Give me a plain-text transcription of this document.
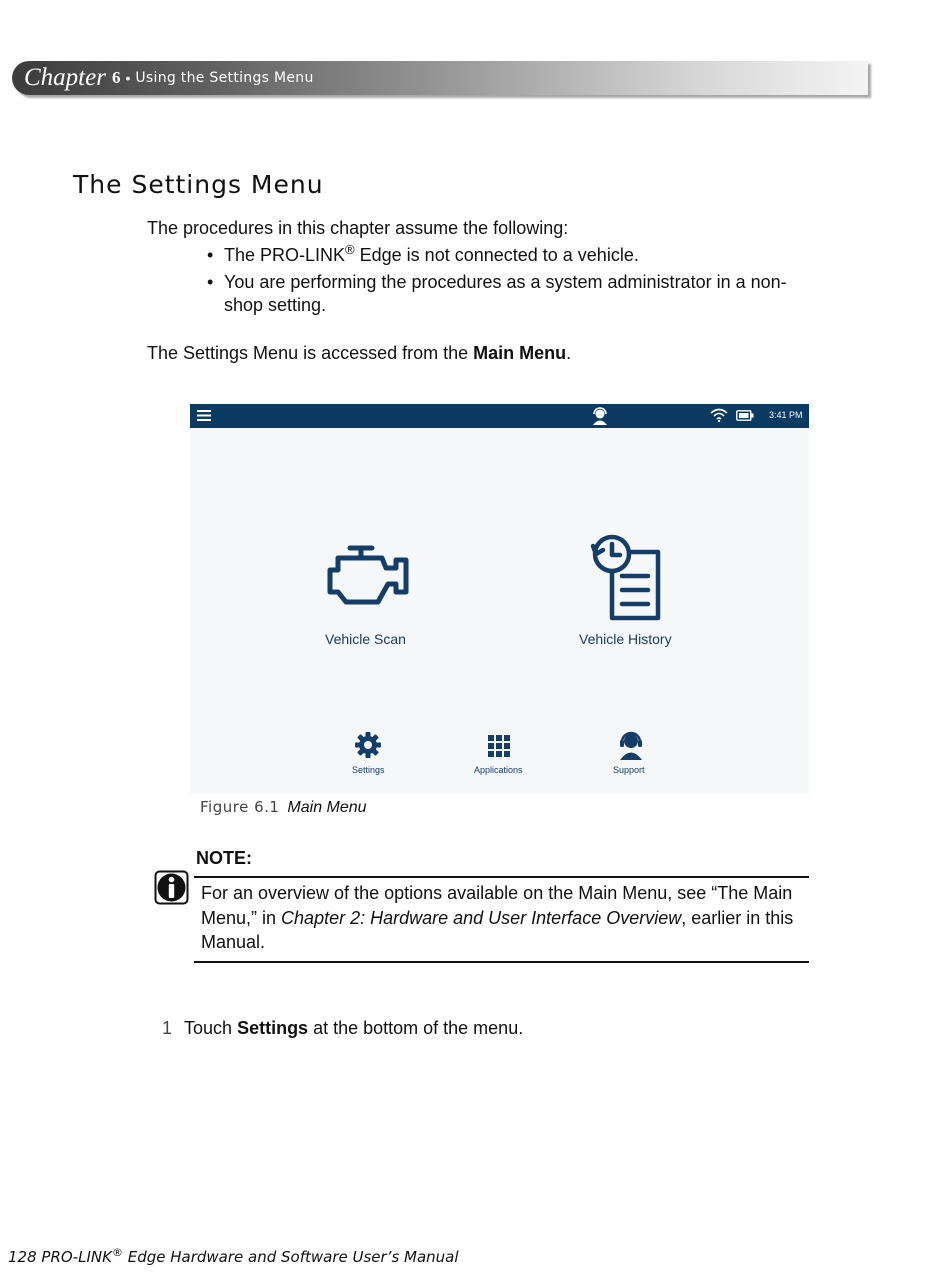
Chapter 6 • Using the Settings Menu
The Settings Menu

The procedures in this chapter assume the following:

• The PRO-LINK® Edge is not connected to a vehicle.
• You are performing the procedures as a system administrator in a non-shop setting.

The Settings Menu is accessed from the Main Menu.

3:41 PM
Vehicle Scan	Vehicle History
Settings	Applications	Support
Figure 6.1 Main Menu
NOTE:

For an overview of the options available on the Main Menu, see “The Main Menu,” in Chapter 2: Hardware and User Interface Overview, earlier in this Manual.

1 Touch Settings at the bottom of the menu.
128 PRO-LINK® Edge Hardware and Software User’s Manual
